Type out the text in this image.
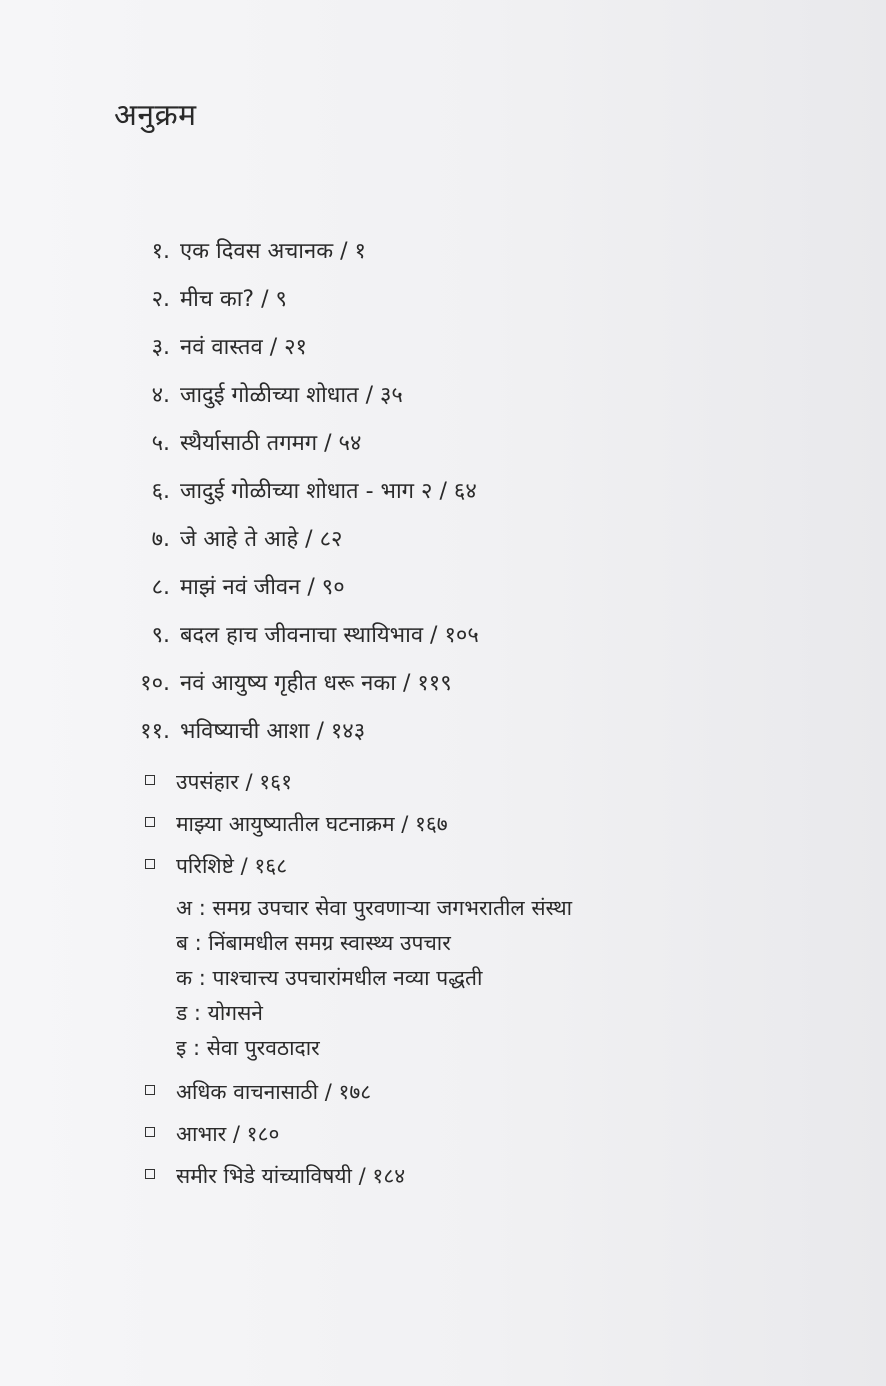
अनुक्रम
१. एक दिवस अचानक / १
२. मीच का? / ९
३. नवं वास्तव / २१
४. जादुई गोळीच्या शोधात / ३५
५. स्थैर्यासाठी तगमग / ५४
६. जादुई गोळीच्या शोधात - भाग २ / ६४
७. जे आहे ते आहे / ८२
८. माझं नवं जीवन / ९०
९. बदल हाच जीवनाचा स्थायिभाव / १०५
१०. नवं आयुष्य गृहीत धरू नका / ११९
११. भविष्याची आशा / १४३
उपसंहार / १६१
माझ्या आयुष्यातील घटनाक्रम / १६७
परिशिष्टे / १६८
अ : समग्र उपचार सेवा पुरवणाऱ्या जगभरातील संस्था
ब : निंबामधील समग्र स्वास्थ्य उपचार
क : पाश्चात्त्य उपचारांमधील नव्या पद्धती
ड : योगसने
इ : सेवा पुरवठादार
अधिक वाचनासाठी / १७८
आभार / १८०
समीर भिडे यांच्याविषयी / १८४
